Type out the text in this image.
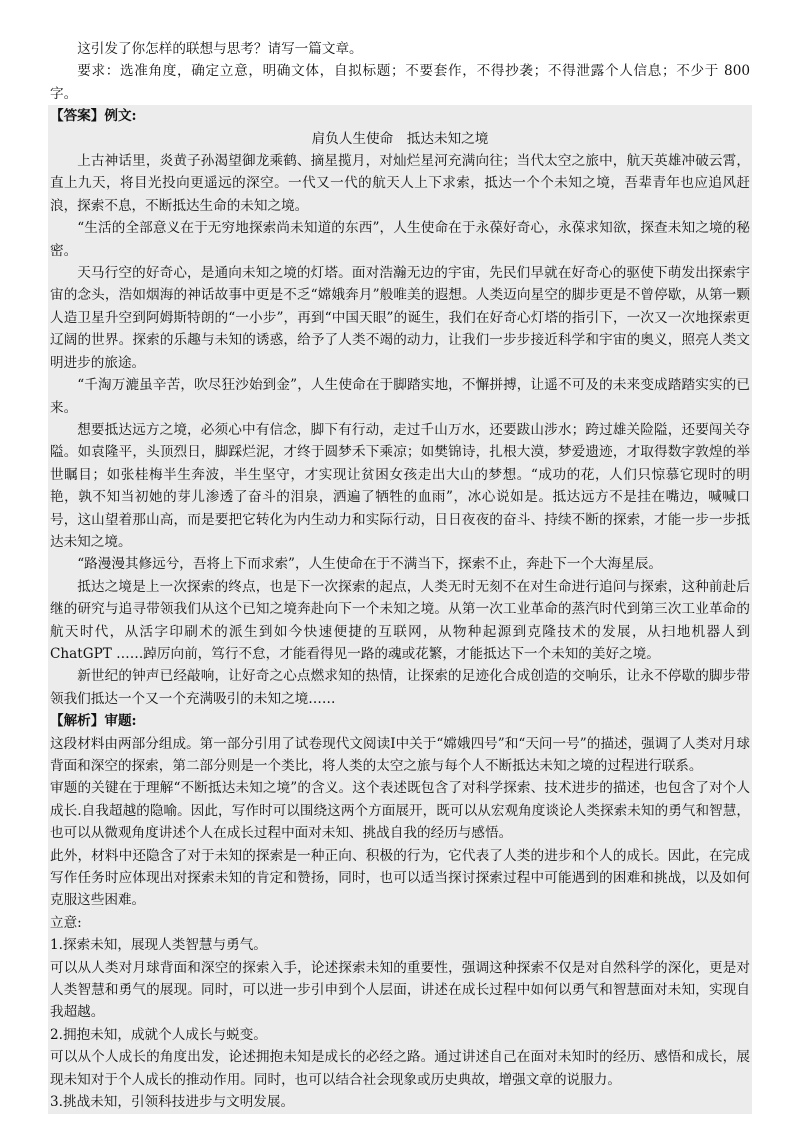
这引发了你怎样的联想与思考？请写一篇文章。

要求：选准角度，确定立意，明确文体，自拟标题；不要套作，不得抄袭；不得泄露个人信息；不少于 800 字。

【答案】例文:

肩负人生使命　抵达未知之境

上古神话里，炎黄子孙渴望御龙乘鹤、摘星揽月，对灿烂星河充满向往；当代太空之旅中，航天英雄冲破云霄，直上九天，将目光投向更遥远的深空。一代又一代的航天人上下求索，抵达一个个未知之境，吾辈青年也应追风赶浪，探索不息，不断抵达生命的未知之境。

“生活的全部意义在于无穷地探索尚未知道的东西”，人生使命在于永葆好奇心，永葆求知欲，探查未知之境的秘密。

天马行空的好奇心，是通向未知之境的灯塔。面对浩瀚无边的宇宙，先民们早就在好奇心的驱使下萌发出探索宇宙的念头，浩如烟海的神话故事中更是不乏“嫦娥奔月”般唯美的遐想。人类迈向星空的脚步更是不曾停歇，从第一颗人造卫星升空到阿姆斯特朗的“一小步”，再到“中国天眼”的诞生，我们在好奇心灯塔的指引下，一次又一次地探索更辽阔的世界。探索的乐趣与未知的诱惑，给予了人类不竭的动力，让我们一步步接近科学和宇宙的奥义，照亮人类文明进步的旅途。

“千淘万漉虽辛苦，吹尽狂沙始到金”，人生使命在于脚踏实地，不懈拼搏，让遥不可及的未来变成踏踏实实的已来。

想要抵达远方之境，必须心中有信念，脚下有行动，走过千山万水，还要跋山涉水；跨过雄关险隘，还要闯关夺隘。如袁隆平，头顶烈日，脚踩烂泥，才终于圆梦禾下乘凉；如樊锦诗，扎根大漠，梦爱遗迹，才取得数字敦煌的举世瞩目；如张桂梅半生奔波，半生坚守，才实现让贫困女孩走出大山的梦想。“成功的花，人们只惊慕它现时的明艳，孰不知当初她的芽儿渗透了奋斗的泪泉，洒遍了牺牲的血雨”，冰心说如是。抵达远方不是挂在嘴边，喊喊口号，这山望着那山高，而是要把它转化为内生动力和实际行动，日日夜夜的奋斗、持续不断的探索，才能一步一步抵达未知之境。

“路漫漫其修远兮，吾将上下而求索”，人生使命在于不满当下，探索不止，奔赴下一个大海星辰。

抵达之境是上一次探索的终点，也是下一次探索的起点，人类无时无刻不在对生命进行追问与探索，这种前赴后继的研究与追寻带领我们从这个已知之境奔赴向下一个未知之境。从第一次工业革命的蒸汽时代到第三次工业革命的航天时代，从活字印刷术的派生到如今快速便捷的互联网，从物种起源到克隆技术的发展，从扫地机器人到 ChatGPT ……踔厉向前，笃行不怠，才能看得见一路的魂或花繁，才能抵达下一个未知的美好之境。

新世纪的钟声已经敲响，让好奇之心点燃求知的热情，让探索的足迹化合成创造的交响乐，让永不停歇的脚步带领我们抵达一个又一个充满吸引的未知之境……

【解析】审题:

这段材料由两部分组成。第一部分引用了试卷现代文阅读Ⅰ中关于“嫦娥四号”和“天问一号”的描述，强调了人类对月球背面和深空的探索，第二部分则是一个类比，将人类的太空之旅与每个人不断抵达未知之境的过程进行联系。

审题的关键在于理解“不断抵达未知之境”的含义。这个表述既包含了对科学探索、技术进步的描述，也包含了对个人成长.自我超越的隐喻。因此，写作时可以围绕这两个方面展开，既可以从宏观角度谈论人类探索未知的勇气和智慧，也可以从微观角度讲述个人在成长过程中面对未知、挑战自我的经历与感悟。

此外，材料中还隐含了对于未知的探索是一种正向、积极的行为，它代表了人类的进步和个人的成长。因此，在完成写作任务时应体现出对探索未知的肯定和赞扬，同时，也可以适当探讨探索过程中可能遇到的困难和挑战，以及如何克服这些困难。

立意:

1.探索未知，展现人类智慧与勇气。

可以从人类对月球背面和深空的探索入手，论述探索未知的重要性，强调这种探索不仅是对自然科学的深化，更是对人类智慧和勇气的展现。同时，可以进一步引申到个人层面，讲述在成长过程中如何以勇气和智慧面对未知，实现自我超越。

2.拥抱未知，成就个人成长与蜕变。

可以从个人成长的角度出发，论述拥抱未知是成长的必经之路。通过讲述自己在面对未知时的经历、感悟和成长，展现未知对于个人成长的推动作用。同时，也可以结合社会现象或历史典故，增强文章的说服力。

3.挑战未知，引领科技进步与文明发展。
